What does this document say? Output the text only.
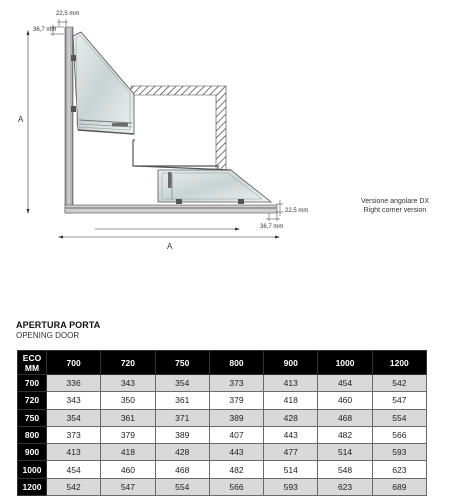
22,5 mm
36,7 mm
22,5 mm
36,7 mm
A
A
Versione angolare DX
Right corner version
APERTURA PORTA
OPENING DOOR
ECO
MM	700	720	750	800	900	1000	1200
700	336	343	354	373	413	454	542
720	343	350	361	379	418	460	547
750	354	361	371	389	428	468	554
800	373	379	389	407	443	482	566
900	413	418	428	443	477	514	593
1000	454	460	468	482	514	548	623
1200	542	547	554	566	593	623	689
